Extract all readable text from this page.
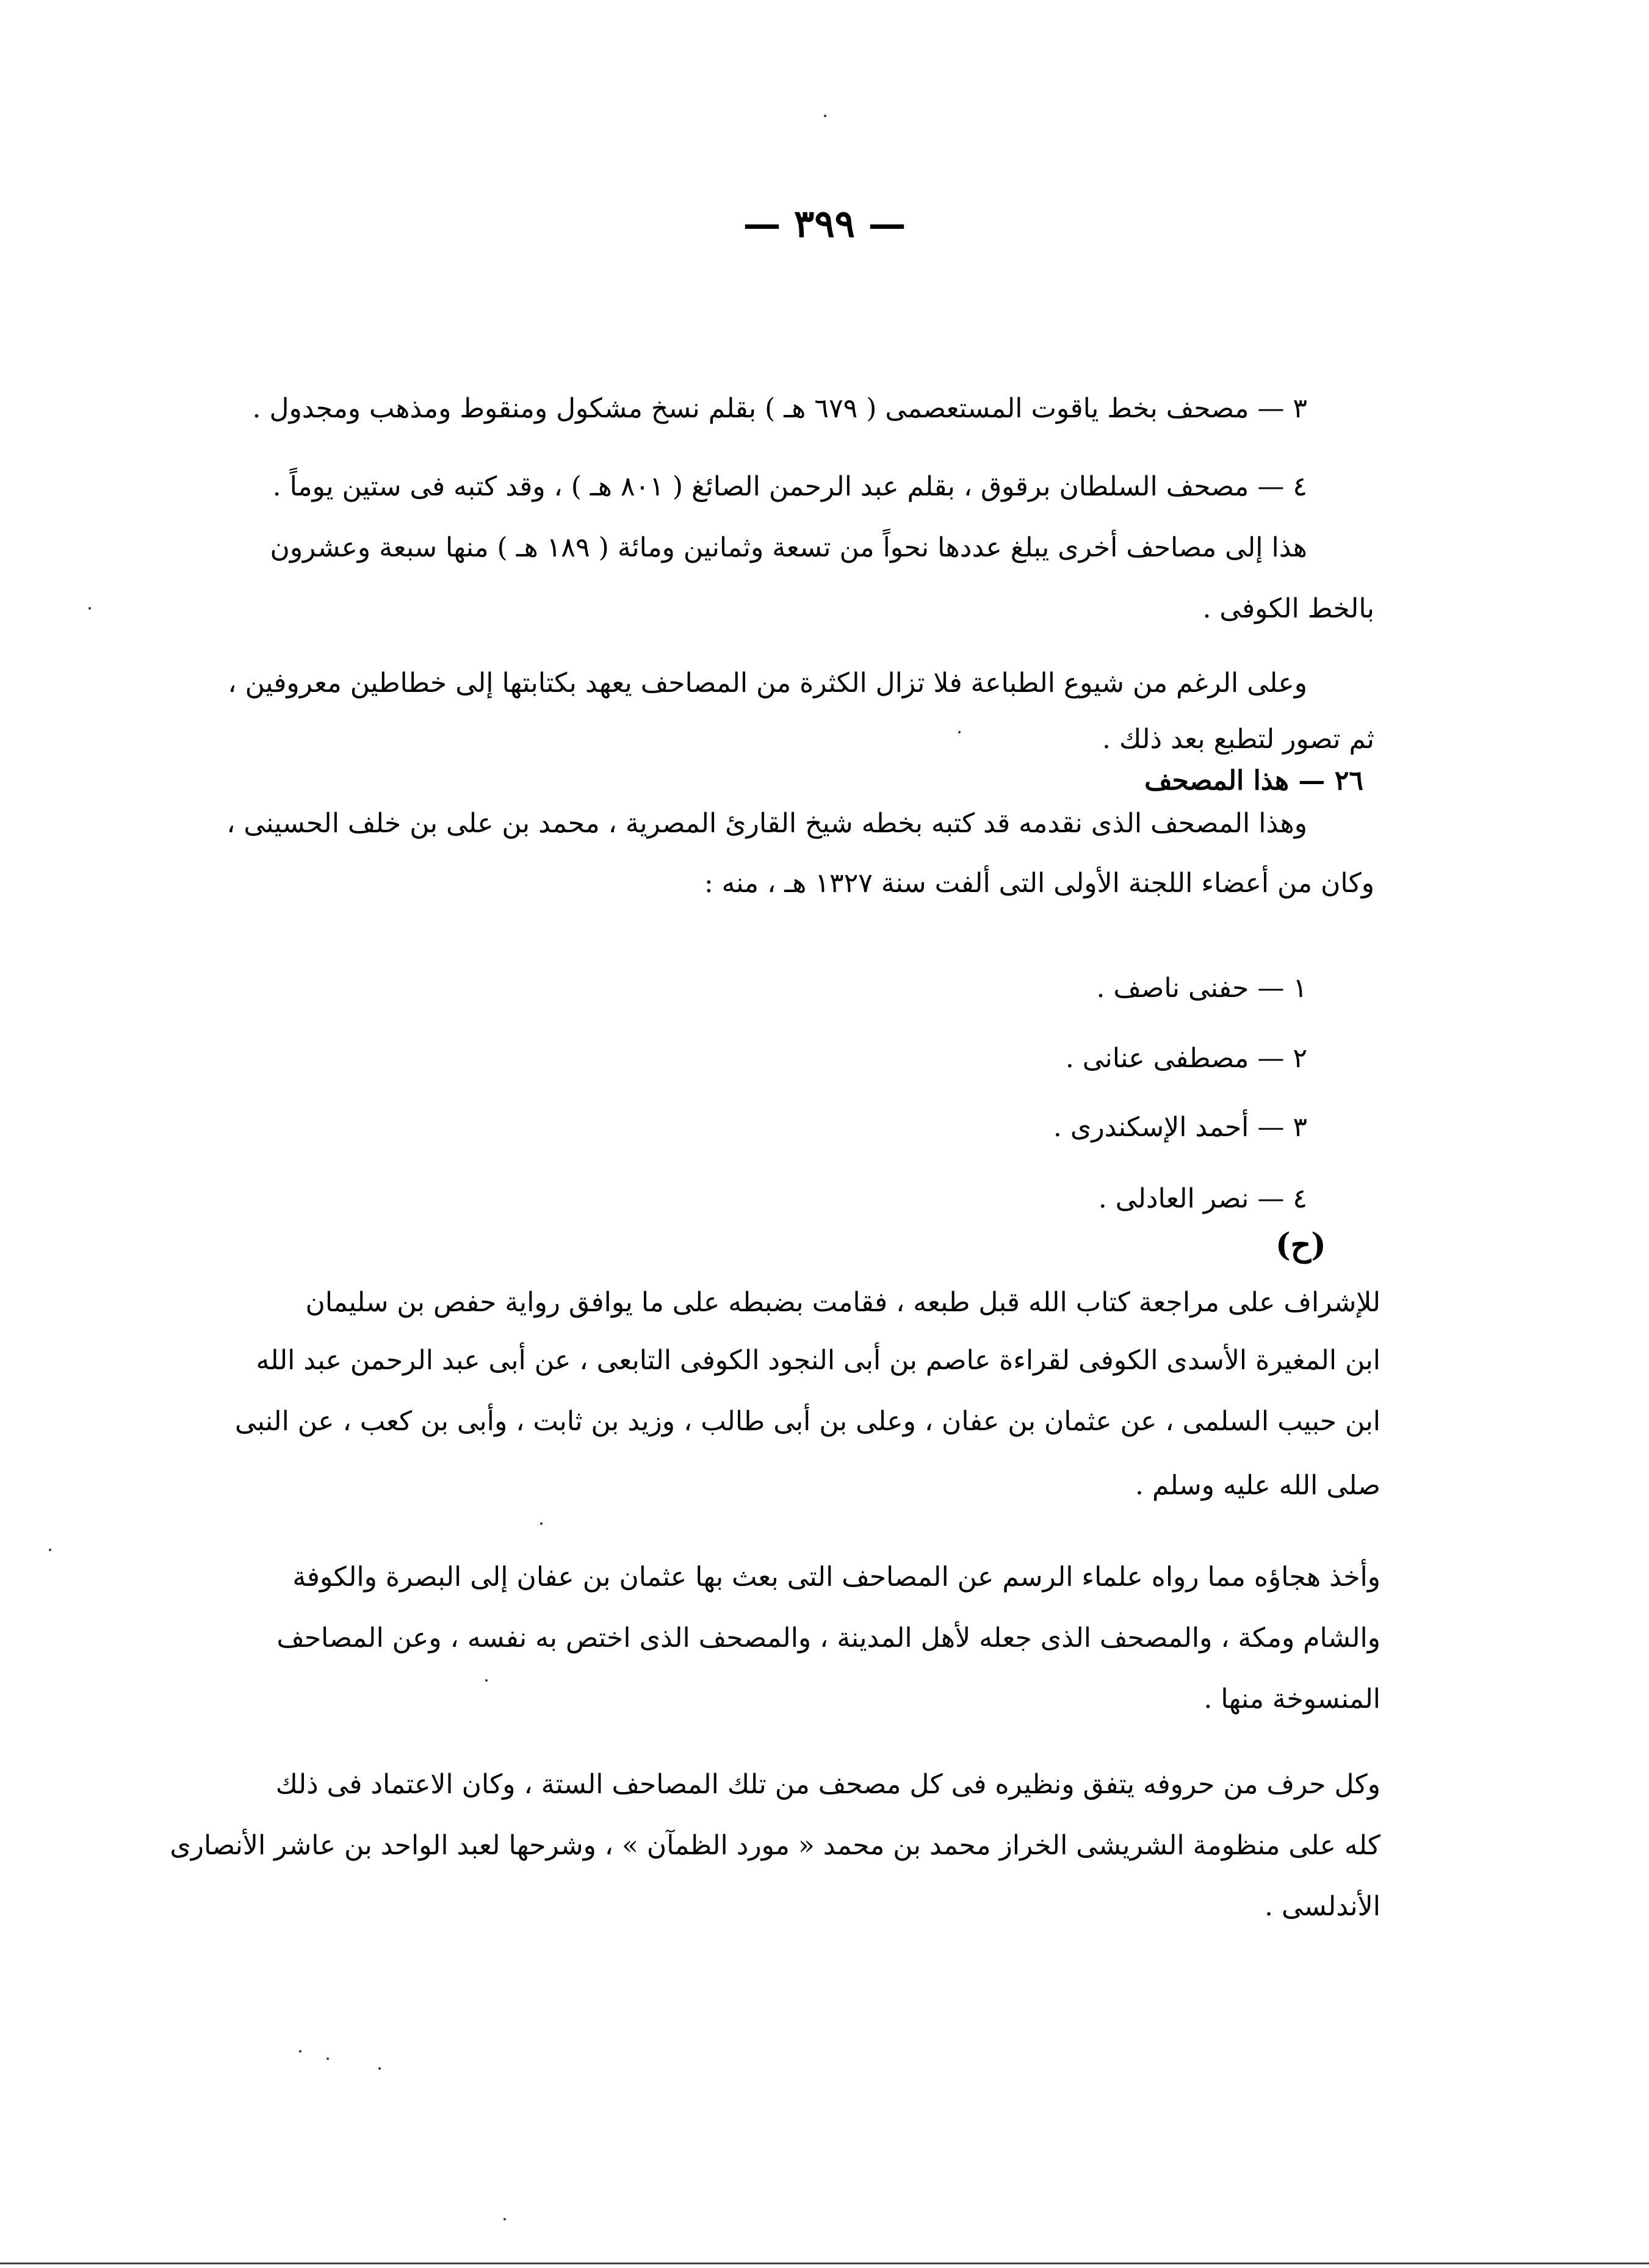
— ٣٩٩ —
٣ — مصحف بخط ياقوت المستعصمى ( ٦٧٩ هـ ) بقلم نسخ مشكول ومنقوط ومذهب ومجدول .
٤ — مصحف السلطان برقوق ، بقلم عبد الرحمن الصائغ ( ٨٠١ هـ ) ، وقد كتبه فى ستين يوماً .
هذا إلى مصاحف أخرى يبلغ عددها نحواً من تسعة وثمانين ومائة ( ١٨٩ هـ ) منها سبعة وعشرون
بالخط الكوفى .
وعلى الرغم من شيوع الطباعة فلا تزال الكثرة من المصاحف يعهد بكتابتها إلى خطاطين معروفين ،
ثم تصور لتطبع بعد ذلك .
٢٦ — هذا المصحف
وهذا المصحف الذى نقدمه قد كتبه بخطه شيخ القارئ المصرية ، محمد بن على بن خلف الحسينى ،
وكان من أعضاء اللجنة الأولى التى ألفت سنة ١٣٢٧ هـ ، منه :
١ — حفنى ناصف .
٢ — مصطفى عنانى .
٣ — أحمد الإسكندرى .
٤ — نصر العادلى .
(ح)
للإشراف على مراجعة كتاب الله قبل طبعه ، فقامت بضبطه على ما يوافق رواية حفص بن سليمان
ابن المغيرة الأسدى الكوفى لقراءة عاصم بن أبى النجود الكوفى التابعى ، عن أبى عبد الرحمن عبد الله
ابن حبيب السلمى ، عن عثمان بن عفان ، وعلى بن أبى طالب ، وزيد بن ثابت ، وأبى بن كعب ، عن النبى
صلى الله عليه وسلم .
وأخذ هجاؤه مما رواه علماء الرسم عن المصاحف التى بعث بها عثمان بن عفان إلى البصرة والكوفة
والشام ومكة ، والمصحف الذى جعله لأهل المدينة ، والمصحف الذى اختص به نفسه ، وعن المصاحف
المنسوخة منها .
وكل حرف من حروفه يتفق ونظيره فى كل مصحف من تلك المصاحف الستة ، وكان الاعتماد فى ذلك
كله على منظومة الشريشى الخراز محمد بن محمد « مورد الظمآن » ، وشرحها لعبد الواحد بن عاشر الأنصارى
الأندلسى .
